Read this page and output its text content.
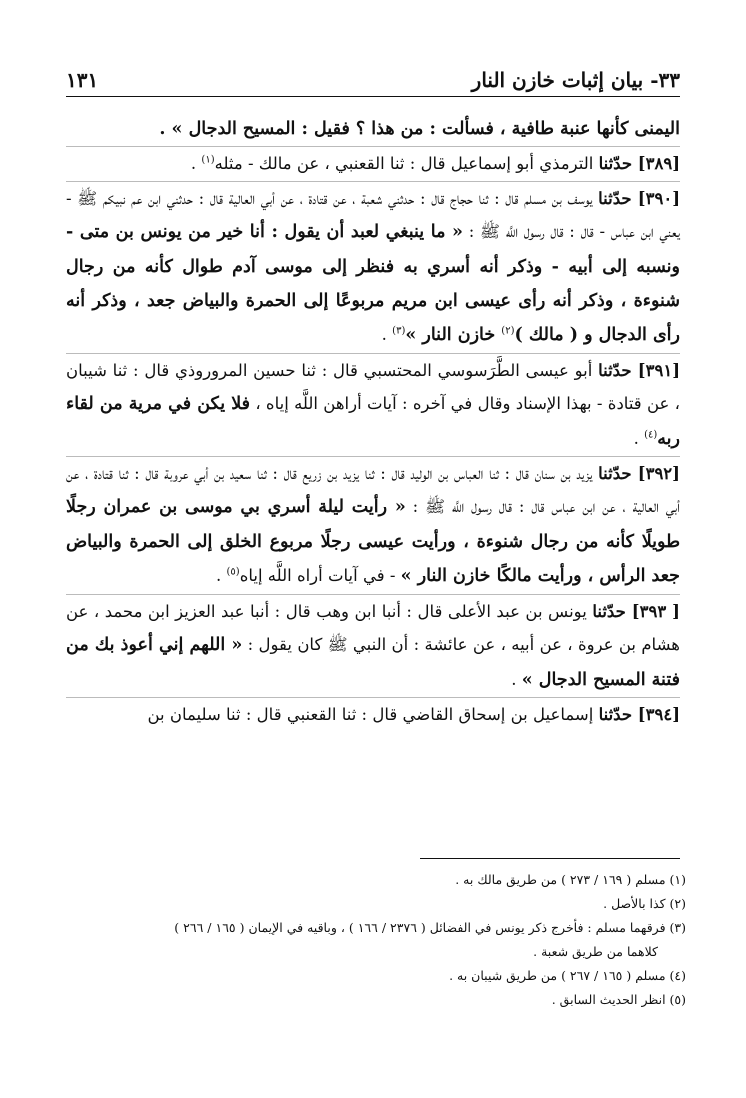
٣٣- بيان إثبات خازن النار
١٣١

اليمنى كأنها عنبة طافية ، فسألت : من هذا ؟ فقيل : المسيح الدجال » .

[٣٨٩] حدّثنا الترمذي أبو إسماعيل قال : ثنا القعنبي ، عن مالك - مثله$^{(١)}$ .

[٣٩٠] حدّثنا يوسف بن مسلم قال : ثنا حجاج قال : حدثني شعبة ، عن قتادة ، عن أبي العالية قال : حدثني ابن عم نبيكم ﷺ - يعني ابن عباس - قال : قال رسول اللَّه ﷺ : « ما ينبغي لعبد أن يقول : أنا خير من يونس بن متى - ونسبه إلى أبيه - وذكر أنه أسري به فنظر إلى موسى آدم طوال كأنه من رجال شنوءة ، وذكر أنه رأى عيسى ابن مريم مربوعًا إلى الحمرة والبياض جعد ، وذكر أنه رأى الدجال و ( مالك )$^{(٢)}$ خازن النار »$^{(٣)}$ .

[٣٩١] حدّثنا أبو عيسى الطَّرَسوسي المحتسبي قال : ثنا حسين المروروذي قال : ثنا شيبان ، عن قتادة - بهذا الإسناد وقال في آخره : آيات أراهن اللَّه إياه ، فلا يكن في مرية من لقاء ربه$^{(٤)}$ .

[٣٩٢] حدّثنا يزيد بن سنان قال : ثنا العباس بن الوليد قال : ثنا يزيد بن زريع قال : ثنا سعيد بن أبي عروبة قال : ثنا قتادة ، عن أبي العالية ، عن ابن عباس قال : قال رسول اللَّه ﷺ : « رأيت ليلة أسري بي موسى بن عمران رجلًا طويلًا كأنه من رجال شنوءة ، ورأيت عيسى رجلًا مربوع الخلق إلى الحمرة والبياض جعد الرأس ، ورأيت مالكًا خازن النار » - في آيات أراه اللَّه إياه$^{(٥)}$ .

[ ٣٩٣] حدّثنا يونس بن عبد الأعلى قال : أنبا ابن وهب قال : أنبا عبد العزيز ابن محمد ، عن هشام بن عروة ، عن أبيه ، عن عائشة : أن النبي ﷺ كان يقول : « اللهم إني أعوذ بك من فتنة المسيح الدجال » .

[٣٩٤] حدّثنا إسماعيل بن إسحاق القاضي قال : ثنا القعنبي قال : ثنا سليمان بن

(١) مسلم ( ١٦٩ / ٢٧٣ ) من طريق مالك به .

(٢) كذا بالأصل .

(٣) فرقهما مسلم : فأخرج ذكر يونس في الفضائل ( ٢٣٧٦ / ١٦٦ ) ، وباقيه في الإيمان ( ١٦٥ / ٢٦٦ )

كلاهما من طريق شعبة .

(٤) مسلم ( ١٦٥ / ٢٦٧ ) من طريق شيبان به .

(٥) انظر الحديث السابق .
